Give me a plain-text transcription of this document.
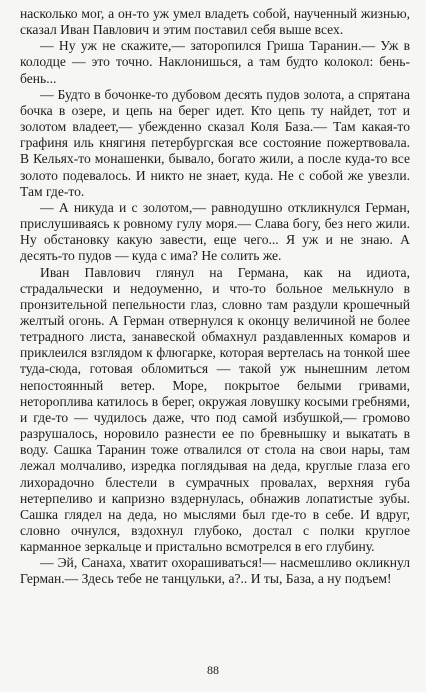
насколько мог, а он-то уж умел владеть собой, наученный жизнью, сказал Иван Павлович и этим поставил себя выше всех.

— Ну уж не скажите,— заторопился Гриша Таранин.— Уж в колодце — это точно. Наклонишься, а там будто колокол: бень-бень...

— Будто в бочонке-то дубовом десять пудов золота, а спрятана бочка в озере, и цепь на берег идет. Кто цепь ту найдет, тот и золотом владеет,— убежденно сказал Коля База.— Там какая-то графиня иль княгиня петербургская все состояние пожертвовала. В Кельях-то монашенки, бывало, богато жили, а после куда-то все золото подевалось. И никто не знает, куда. Не с собой же увезли. Там где-то.

— А никуда и с золотом,— равнодушно откликнулся Герман, прислушиваясь к ровному гулу моря.— Слава богу, без него жили. Ну обстановку какую завести, еще чего... Я уж и не знаю. А десять-то пудов — куда с има? Не солить же.

Иван Павлович глянул на Германа, как на идиота, страдальчески и недоуменно, и что-то больное мелькнуло в пронзительной пепельности глаз, словно там раздули крошечный желтый огонь. А Герман отвернулся к оконцу величиной не более тетрадного листа, занавеской обмахнул раздавленных комаров и приклеился взглядом к флюгарке, которая вертелась на тонкой шее туда-сюда, готовая обломиться — такой уж нынешним летом непостоянный ветер. Море, покрытое белыми гривами, нетороплива катилось в берег, окружая ловушку косыми гребнями, и где-то — чудилось даже, что под самой избушкой,— громово разрушалось, норовило разнести ее по бревнышку и выкатать в воду. Сашка Таранин тоже отвалился от стола на свои нары, там лежал молчаливо, изредка поглядывая на деда, круглые глаза его лихорадочно блестели в сумрачных провалах, верхняя губа нетерпеливо и капризно вздернулась, обнажив лопатистые зубы. Сашка глядел на деда, но мыслями был где-то в себе. И вдруг, словно очнулся, вздохнул глубоко, достал с полки круглое карманное зеркальце и пристально всмотрелся в его глубину.

— Эй, Санаха, хватит охорашиваться!— насмешливо окликнул Герман.— Здесь тебе не танцульки, а?.. И ты, База, а ну подъем!

88
